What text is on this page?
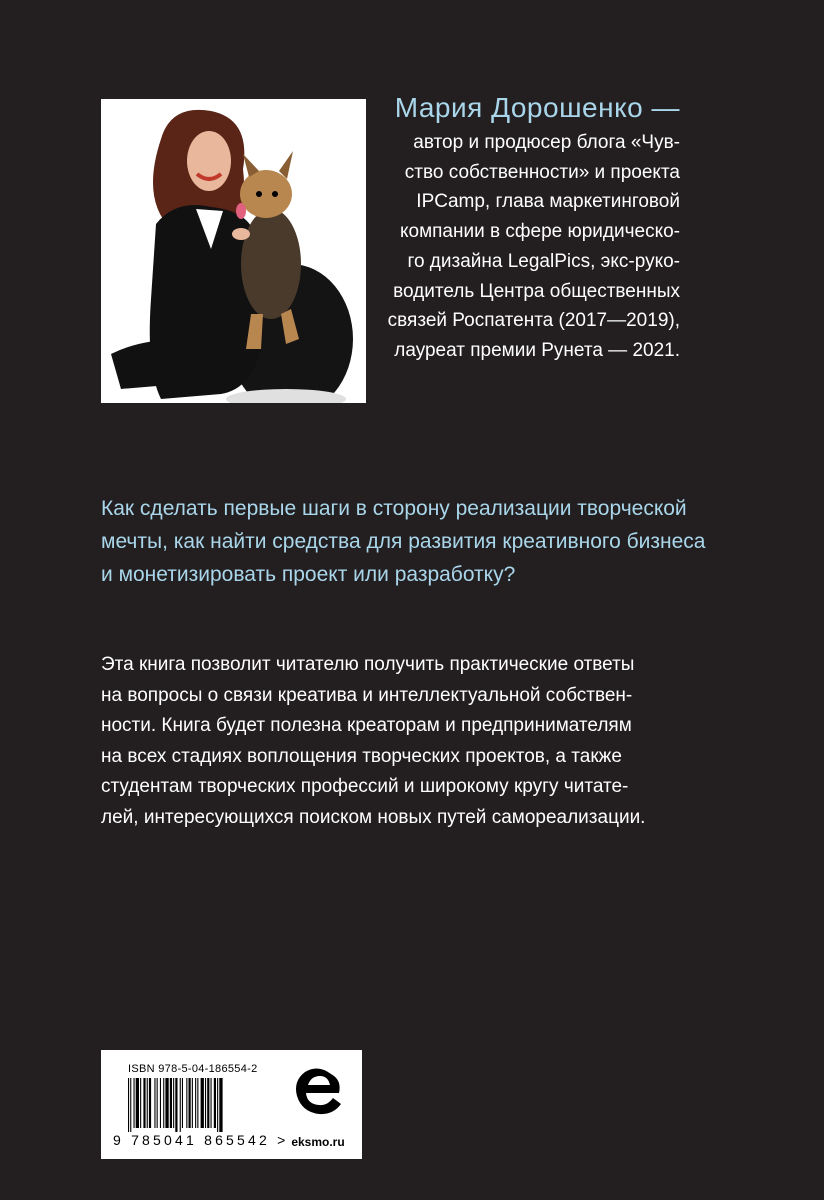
Мария Дорошенко —
автор и продюсер блога «Чув-
ство собственности» и проекта
IPCamp, глава маркетинговой
компании в сфере юридическо-
го дизайна LegalPics, экс-руко-
водитель Центра общественных
связей Роспатента (2017—2019),
лауреат премии Рунета — 2021.
Как сделать первые шаги в сторону реализации творческой
мечты, как найти средства для развития креативного бизнеса
и монетизировать проект или разработку?
Эта книга позволит читателю получить практические ответы
на вопросы о связи креатива и интеллектуальной собствен-
ности. Книга будет полезна креаторам и предпринимателям
на всех стадиях воплощения творческих проектов, а также
студентам творческих профессий и широкому кругу читате-
лей, интересующихся поиском новых путей самореализации.
ISBN 978-5-04-186554-2
9 785041 865542 > eksmo.ru
